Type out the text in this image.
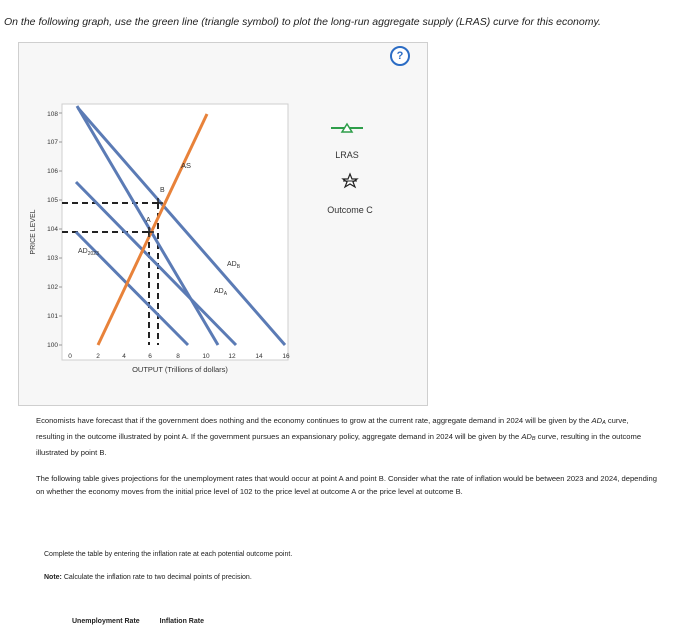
On the following graph, use the green line (triangle symbol) to plot the long-run aggregate supply (LRAS) curve for this economy.
108
107
106
105
104
103
102
101
100
0	2	4	6	8	10	12	14	16
PRICE LEVEL
OUTPUT (Trillions of dollars)
AS
B
A
$AD_{2023}$
$AD_B$
$AD_A$
LRAS
Outcome C
?

Economists have forecast that if the government does nothing and the economy continues to grow at the current rate, aggregate demand in 2024 will be given by the ADA curve, resulting in the outcome illustrated by point A. If the government pursues an expansionary policy, aggregate demand in 2024 will be given by the ADB curve, resulting in the outcome illustrated by point B.

The following table gives projections for the unemployment rates that would occur at point A and point B. Consider what the rate of inflation would be between 2023 and 2024, depending on whether the economy moves from the initial price level of 102 to the price level at outcome A or the price level at outcome B.
Complete the table by entering the inflation rate at each potential outcome point.
Note: Calculate the inflation rate to two decimal points of precision.
Unemployment Rate	Inflation Rate
